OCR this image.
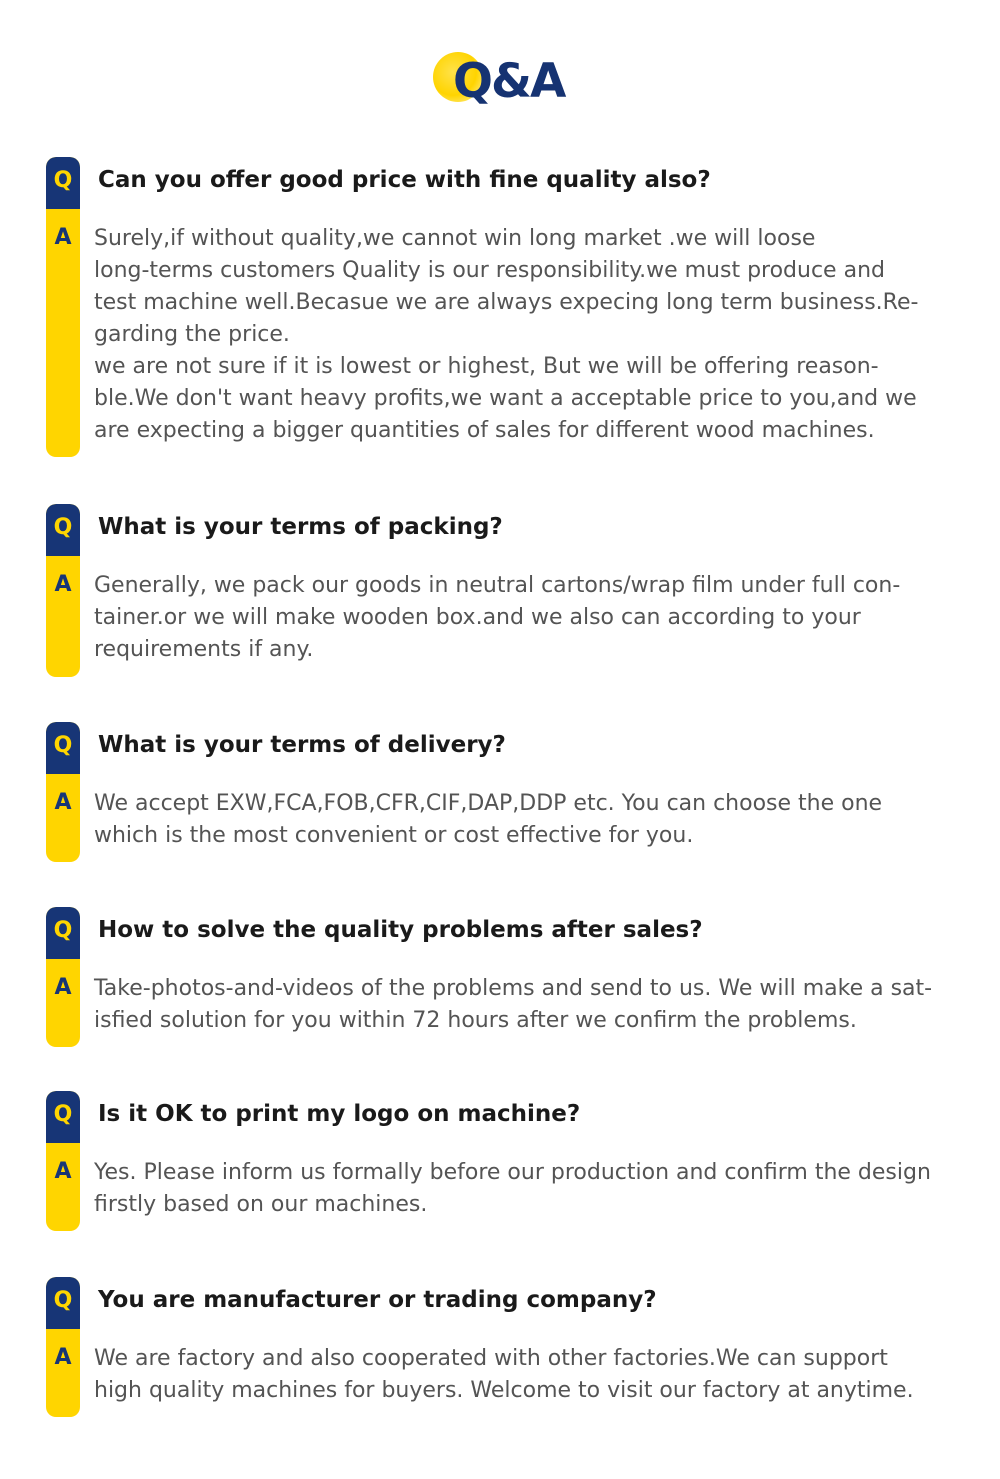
Q&A
Q
A
Can you offer good price with fine quality also?

Surely,if without quality,we cannot win long market .we will loose

long-terms customers Quality is our responsibility.we must produce and

test machine well.Becasue we are always expecing long term business.Re-

garding the price.

we are not sure if it is lowest or highest, But we will be offering reason-

ble.We don't want heavy profits,we want a acceptable price to you,and we

are expecting a bigger quantities of sales for different wood machines.

Q
A
What is your terms of packing?

Generally, we pack our goods in neutral cartons/wrap film under full con-

tainer.or we will make wooden box.and we also can according to your

requirements if any.

Q
A
What is your terms of delivery?

We accept EXW,FCA,FOB,CFR,CIF,DAP,DDP etc. You can choose the one

which is the most convenient or cost effective for you.

Q
A
How to solve the quality problems after sales?

Take-photos-and-videos of the problems and send to us. We will make a sat-

isfied solution for you within 72 hours after we confirm the problems.

Q
A
Is it OK to print my logo on machine?

Yes. Please inform us formally before our production and confirm the design

firstly based on our machines.

Q
A
You are manufacturer or trading company?

We are factory and also cooperated with other factories.We can support

high quality machines for buyers. Welcome to visit our factory at anytime.
